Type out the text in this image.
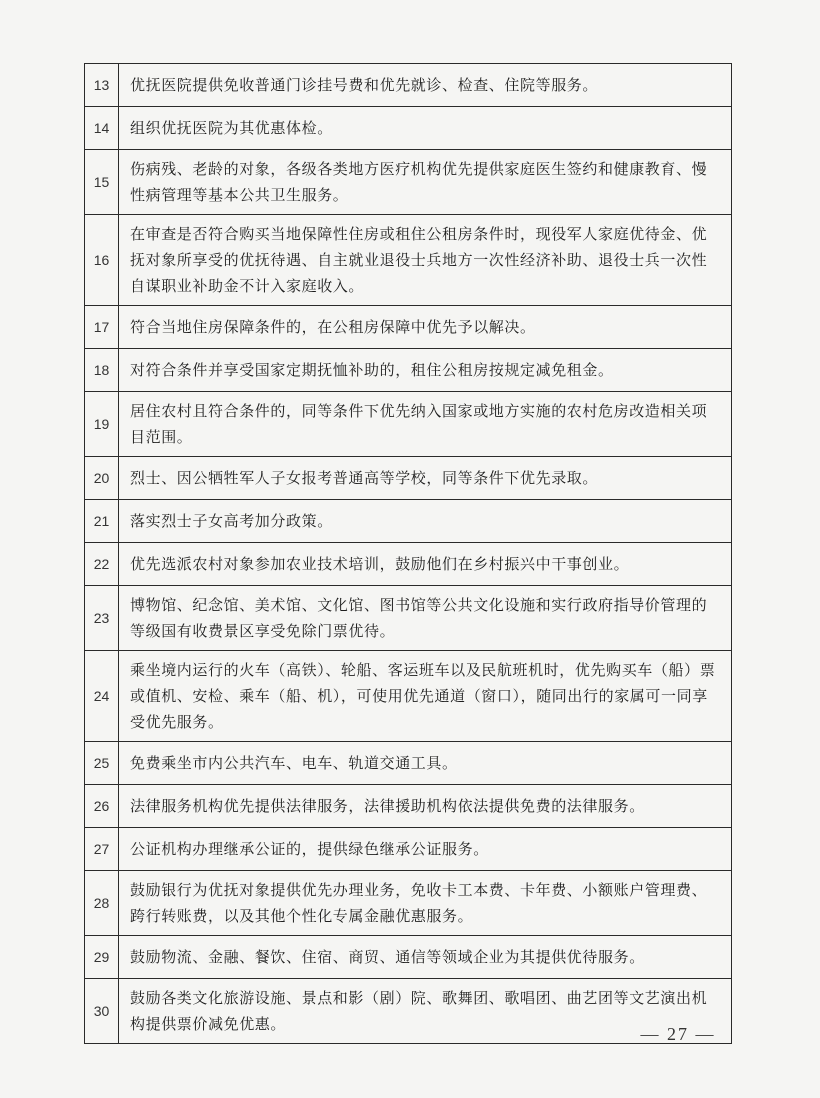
13	优抚医院提供免收普通门诊挂号费和优先就诊、检查、住院等服务。
14	组织优抚医院为其优惠体检。
15	伤病残、老龄的对象，各级各类地方医疗机构优先提供家庭医生签约和健康教育、慢性病管理等基本公共卫生服务。
16	在审查是否符合购买当地保障性住房或租住公租房条件时，现役军人家庭优待金、优抚对象所享受的优抚待遇、自主就业退役士兵地方一次性经济补助、退役士兵一次性自谋职业补助金不计入家庭收入。
17	符合当地住房保障条件的，在公租房保障中优先予以解决。
18	对符合条件并享受国家定期抚恤补助的，租住公租房按规定减免租金。
19	居住农村且符合条件的，同等条件下优先纳入国家或地方实施的农村危房改造相关项目范围。
20	烈士、因公牺牲军人子女报考普通高等学校，同等条件下优先录取。
21	落实烈士子女高考加分政策。
22	优先选派农村对象参加农业技术培训，鼓励他们在乡村振兴中干事创业。
23	博物馆、纪念馆、美术馆、文化馆、图书馆等公共文化设施和实行政府指导价管理的等级国有收费景区享受免除门票优待。
24	乘坐境内运行的火车（高铁）、轮船、客运班车以及民航班机时，优先购买车（船）票或值机、安检、乘车（船、机），可使用优先通道（窗口），随同出行的家属可一同享受优先服务。
25	免费乘坐市内公共汽车、电车、轨道交通工具。
26	法律服务机构优先提供法律服务，法律援助机构依法提供免费的法律服务。
27	公证机构办理继承公证的，提供绿色继承公证服务。
28	鼓励银行为优抚对象提供优先办理业务，免收卡工本费、卡年费、小额账户管理费、跨行转账费，以及其他个性化专属金融优惠服务。
29	鼓励物流、金融、餐饮、住宿、商贸、通信等领域企业为其提供优待服务。
30	鼓励各类文化旅游设施、景点和影（剧）院、歌舞团、歌唱团、曲艺团等文艺演出机构提供票价减免优惠。	— 27 —
